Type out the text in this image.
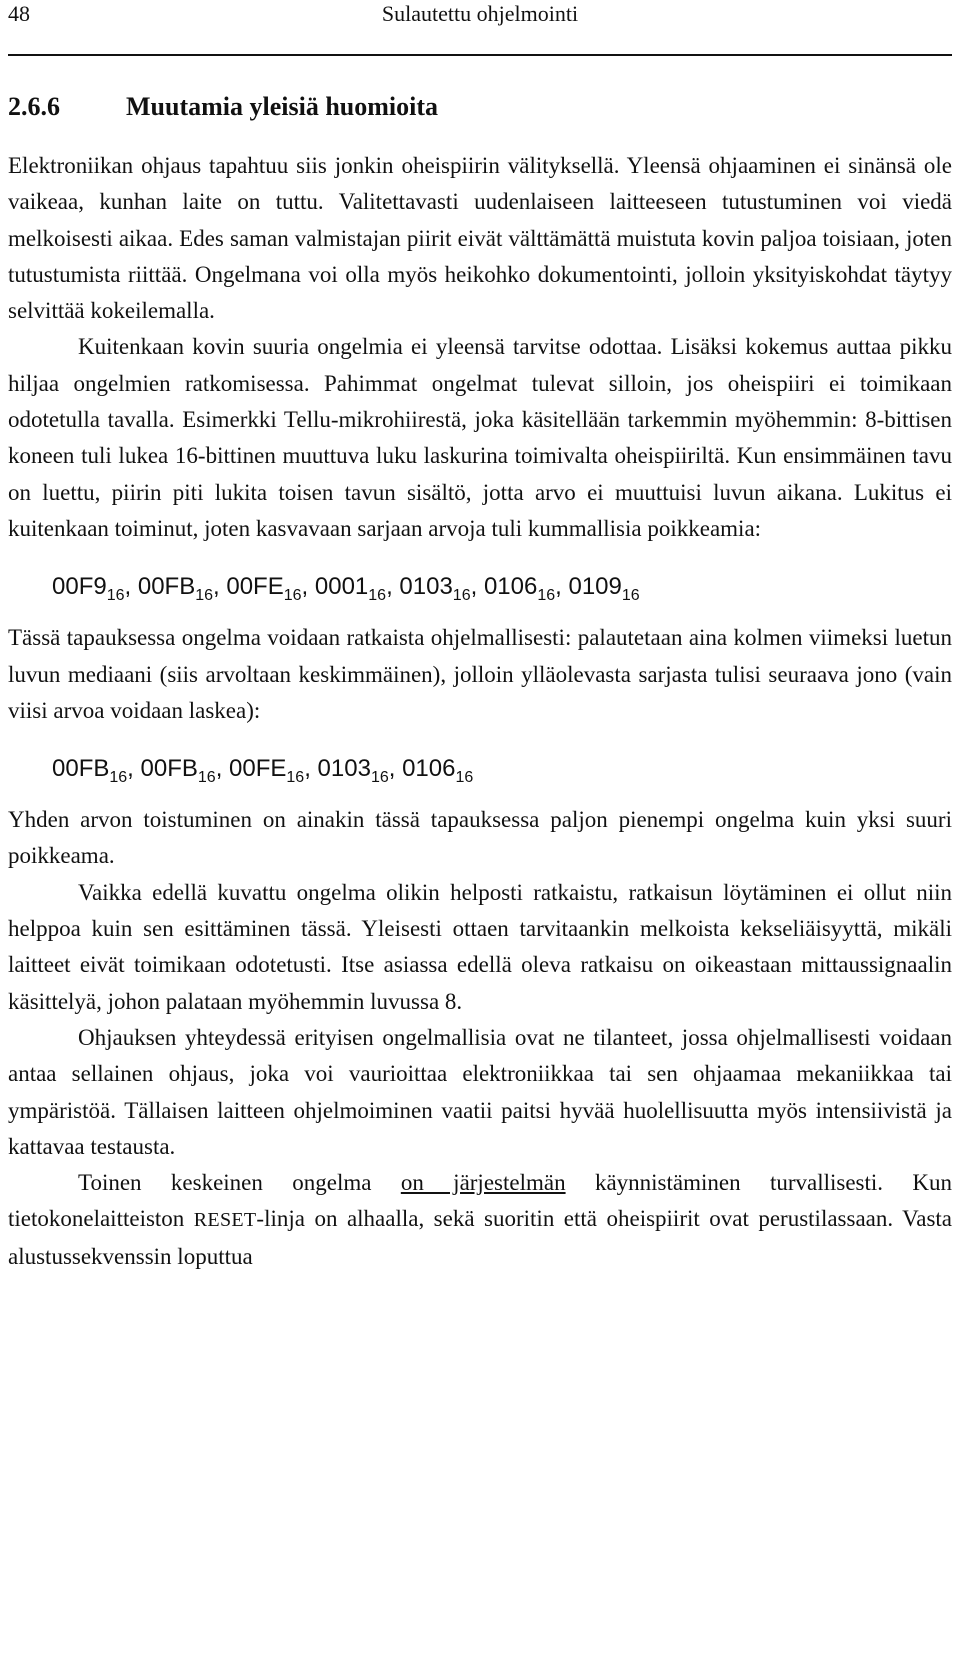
48	Sulautettu ohjelmointi
2.6.6	Muutamia yleisiä huomioita

Elektroniikan ohjaus tapahtuu siis jonkin oheispiirin välityksellä. Yleensä ohjaaminen ei sinänsä ole vaikeaa, kunhan laite on tuttu. Valitettavasti uudenlaiseen laitteeseen tutustuminen voi viedä melkoisesti aikaa. Edes saman valmistajan piirit eivät välttämättä muistuta kovin paljoa toisiaan, joten tutustumista riittää. Ongelmana voi olla myös heikohko dokumentointi, jolloin yksityiskohdat täytyy selvittää kokeilemalla.

Kuitenkaan kovin suuria ongelmia ei yleensä tarvitse odottaa. Lisäksi kokemus auttaa pikku hiljaa ongelmien ratkomisessa. Pahimmat ongelmat tulevat silloin, jos oheispiiri ei toimikaan odotetulla tavalla. Esimerkki Tellu-mikrohiirestä, joka käsitellään tarkemmin myöhemmin: 8-bittisen koneen tuli lukea 16-bittinen muuttuva luku laskurina toimivalta oheispiiriltä. Kun ensimmäinen tavu on luettu, piirin piti lukita toisen tavun sisältö, jotta arvo ei muuttuisi luvun aikana. Lukitus ei kuitenkaan toiminut, joten kasvavaan sarjaan arvoja tuli kummallisia poikkeamia:

$00F9_{16}$, $00FB_{16}$, $00FE_{16}$, $0001_{16}$, $0103_{16}$, $0106_{16}$, $0109_{16}$

Tässä tapauksessa ongelma voidaan ratkaista ohjelmallisesti: palautetaan aina kolmen viimeksi luetun luvun mediaani (siis arvoltaan keskimmäinen), jolloin ylläolevasta sarjasta tulisi seuraava jono (vain viisi arvoa voidaan laskea):

$00FB_{16}$, $00FB_{16}$, $00FE_{16}$, $0103_{16}$, $0106_{16}$

Yhden arvon toistuminen on ainakin tässä tapauksessa paljon pienempi ongelma kuin yksi suuri poikkeama.

Vaikka edellä kuvattu ongelma olikin helposti ratkaistu, ratkaisun löytäminen ei ollut niin helppoa kuin sen esittäminen tässä. Yleisesti ottaen tarvitaankin melkoista kekseliäisyyttä, mikäli laitteet eivät toimikaan odotetusti. Itse asiassa edellä oleva ratkaisu on oikeastaan mittaussignaalin käsittelyä, johon palataan myöhemmin luvussa 8.

Ohjauksen yhteydessä erityisen ongelmallisia ovat ne tilanteet, jossa ohjelmallisesti voidaan antaa sellainen ohjaus, joka voi vaurioittaa elektroniikkaa tai sen ohjaamaa mekaniikkaa tai ympäristöä. Tällaisen laitteen ohjelmoiminen vaatii paitsi hyvää huolellisuutta myös intensiivistä ja kattavaa testausta.

Toinen keskeinen ongelma on järjestelmän käynnistäminen turvallisesti. Kun tietokonelaitteiston RESET-linja on alhaalla, sekä suoritin että oheispiirit ovat perustilassaan. Vasta alustussekvenssin loputtua
